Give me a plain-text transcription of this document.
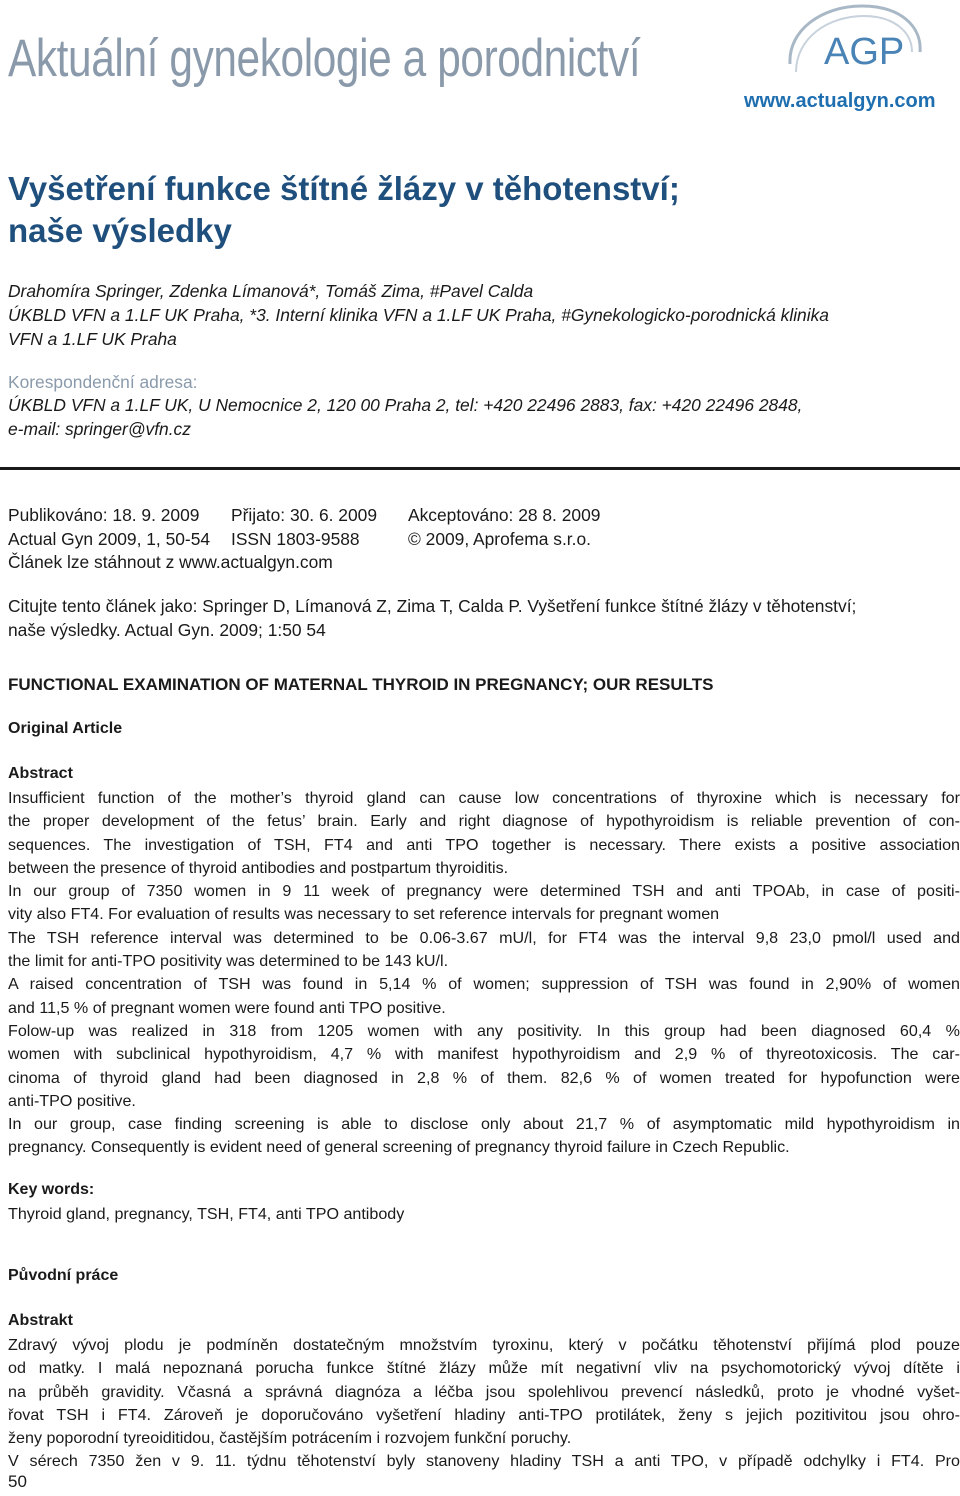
Aktuální gynekologie a porodnictví	AGP
www.actualgyn.com
Vyšetření funkce štítné žlázy v těhotenství;
naše výsledky
Drahomíra Springer, Zdenka Límanová*, Tomáš Zima, #Pavel Calda
ÚKBLD VFN a 1.LF UK Praha, *3. Interní klinika VFN a 1.LF UK Praha, #Gynekologicko-porodnická klinika
VFN a 1.LF UK Praha
Korespondenční adresa:
ÚKBLD VFN a 1.LF UK, U Nemocnice 2, 120 00 Praha 2, tel: +420 22496 2883, fax: +420 22496 2848,
e-mail: springer@vfn.cz
Publikováno: 18. 9. 2009 Přijato: 30. 6. 2009 Akceptováno: 28 8. 2009
Actual Gyn 2009, 1, 50-54 ISSN 1803-9588	© 2009, Aprofema s.r.o.
Článek lze stáhnout z www.actualgyn.com
Citujte tento článek jako: Springer D, Límanová Z, Zima T, Calda P. Vyšetření funkce štítné žlázy v těhotenství;
naše výsledky. Actual Gyn. 2009; 1:50 54
FUNCTIONAL EXAMINATION OF MATERNAL THYROID IN PREGNANCY; OUR RESULTS
Original Article
Abstract
Insufficient function of the mother’s thyroid gland can cause low concentrations of thyroxine which is necessary for
the proper development of the fetus’ brain. Early and right diagnose of hypothyroidism is reliable prevention of con-
sequences. The investigation of TSH, FT4 and anti TPO together is necessary. There exists a positive association
between the presence of thyroid antibodies and postpartum thyroiditis.
In our group of 7350 women in 9 11 week of pregnancy were determined TSH and anti TPOAb, in case of positi-
vity also FT4. For evaluation of results was necessary to set reference intervals for pregnant women
The TSH reference interval was determined to be 0.06-3.67 mU/l, for FT4 was the interval 9,8 23,0 pmol/l used and
the limit for anti-TPO positivity was determined to be 143 kU/l.
A raised concentration of TSH was found in 5,14 % of women; suppression of TSH was found in 2,90% of women
and 11,5 % of pregnant women were found anti TPO positive.
Folow-up was realized in 318 from 1205 women with any positivity. In this group had been diagnosed 60,4 %
women with subclinical hypothyroidism, 4,7 % with manifest hypothyroidism and 2,9 % of thyreotoxicosis. The car-
cinoma of thyroid gland had been diagnosed in 2,8 % of them. 82,6 % of women treated for hypofunction were
anti-TPO positive.
In our group, case finding screening is able to disclose only about 21,7 % of asymptomatic mild hypothyroidism in
pregnancy. Consequently is evident need of general screening of pregnancy thyroid failure in Czech Republic.
Key words:
Thyroid gland, pregnancy, TSH, FT4, anti TPO antibody
Původní práce
Abstrakt
Zdravý vývoj plodu je podmíněn dostatečným množstvím tyroxinu, který v počátku těhotenství přijímá plod pouze
od matky. I malá nepoznaná porucha funkce štítné žlázy může mít negativní vliv na psychomotorický vývoj dítěte i
na průběh gravidity. Včasná a správná diagnóza a léčba jsou spolehlivou prevencí následků, proto je vhodné vyšet-
řovat TSH i FT4. Zároveň je doporučováno vyšetření hladiny anti-TPO protilátek, ženy s jejich pozitivitou jsou ohro-
ženy poporodní tyreoiditidou, častějším potrácením i rozvojem funkční poruchy.
V sérech 7350 žen v 9. 11. týdnu těhotenství byly stanoveny hladiny TSH a anti TPO, v případě odchylky i FT4. Pro
50
